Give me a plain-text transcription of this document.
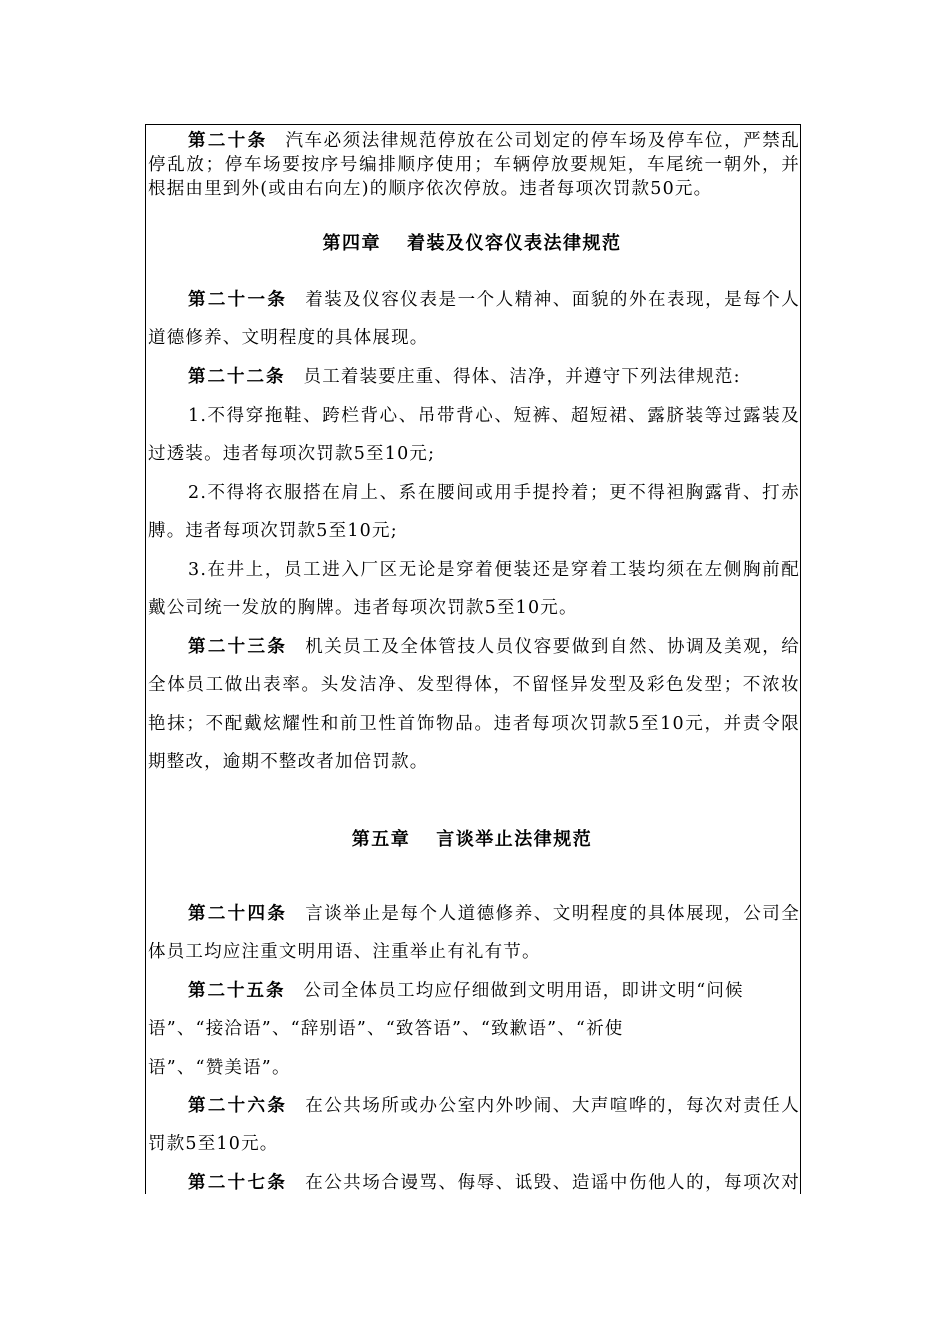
第二十条 汽车必须法律规范停放在公司划定的停车场及停车位，严禁乱
停乱放；停车场要按序号编排顺序使用；车辆停放要规矩，车尾统一朝外，并
根据由里到外(或由右向左)的顺序依次停放。违者每项次罚款50元。
第四章 着装及仪容仪表法律规范
第二十一条 着装及仪容仪表是一个人精神、面貌的外在表现，是每个人
道德修养、文明程度的具体展现。
第二十二条 员工着装要庄重、得体、洁净，并遵守下列法律规范:
1.不得穿拖鞋、跨栏背心、吊带背心、短裤、超短裙、露脐装等过露装及
过透装。违者每项次罚款5至10元;
2.不得将衣服搭在肩上、系在腰间或用手提拎着；更不得袒胸露背、打赤
膊。违者每项次罚款5至10元;
3.在井上，员工进入厂区无论是穿着便装还是穿着工装均须在左侧胸前配
戴公司统一发放的胸牌。违者每项次罚款5至10元。
第二十三条 机关员工及全体管技人员仪容要做到自然、协调及美观，给
全体员工做出表率。头发洁净、发型得体，不留怪异发型及彩色发型；不浓妆
艳抹；不配戴炫耀性和前卫性首饰物品。违者每项次罚款5至10元，并责令限
期整改，逾期不整改者加倍罚款。
第五章 言谈举止法律规范
第二十四条 言谈举止是每个人道德修养、文明程度的具体展现，公司全
体员工均应注重文明用语、注重举止有礼有节。
第二十五条 公司全体员工均应仔细做到文明用语，即讲文明“问候
语”、“接洽语”、“辞别语”、“致答语”、“致歉语”、“祈使
语”、“赞美语”。
第二十六条 在公共场所或办公室内外吵闹、大声喧哗的，每次对责任人
罚款5至10元。
第二十七条 在公共场合谩骂、侮辱、诋毁、造谣中伤他人的，每项次对
